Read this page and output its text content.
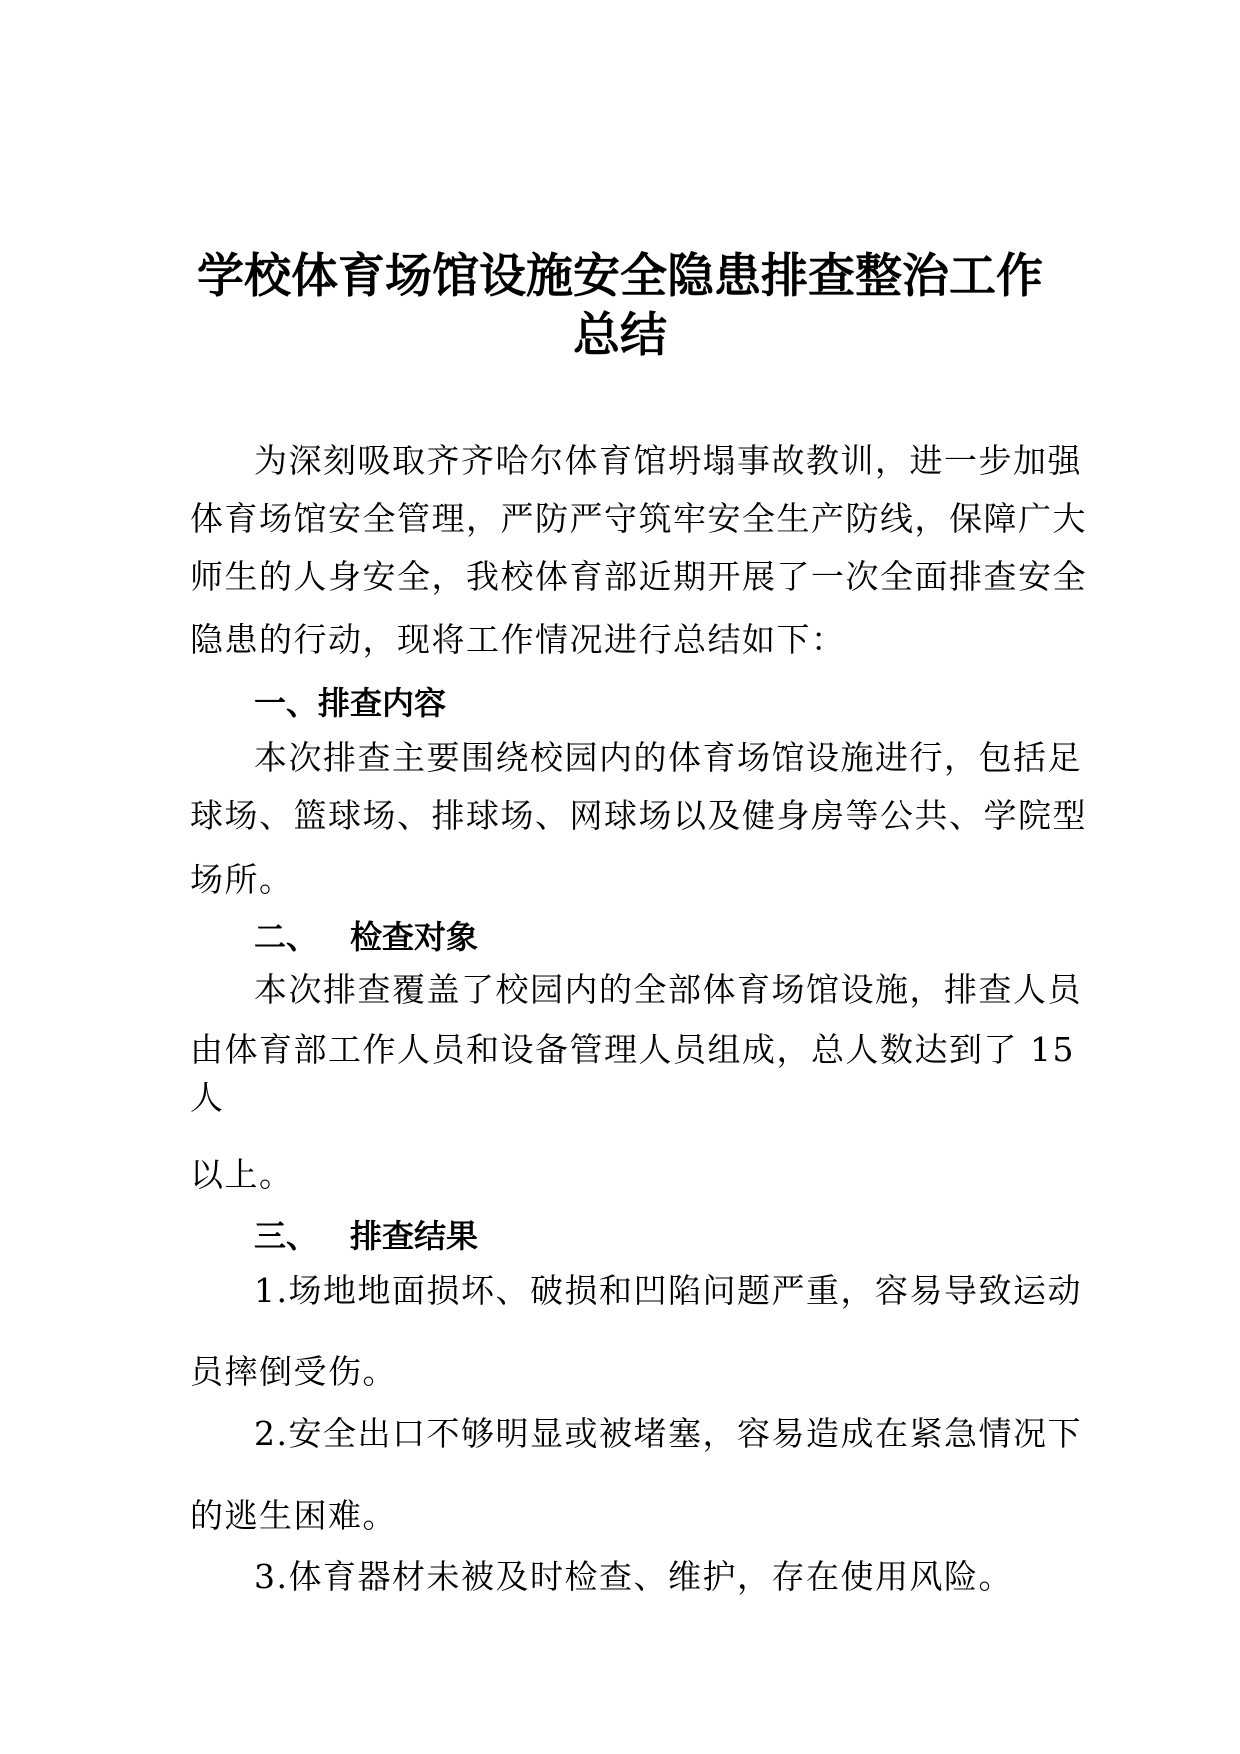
学校体育场馆设施安全隐患排查整治工作
总结

为深刻吸取齐齐哈尔体育馆坍塌事故教训，进一步加强

体育场馆安全管理，严防严守筑牢安全生产防线，保障广大

师生的人身安全，我校体育部近期开展了一次全面排查安全

隐患的行动，现将工作情况进行总结如下：

一、排查内容

本次排查主要围绕校园内的体育场馆设施进行，包括足

球场、篮球场、排球场、网球场以及健身房等公共、学院型

场所。

二、 检查对象

本次排查覆盖了校园内的全部体育场馆设施，排查人员

由体育部工作人员和设备管理人员组成，总人数达到了 15

人

以上。

三、 排查结果

1.场地地面损坏、破损和凹陷问题严重，容易导致运动

员摔倒受伤。

2.安全出口不够明显或被堵塞，容易造成在紧急情况下

的逃生困难。

3.体育器材未被及时检查、维护，存在使用风险。
